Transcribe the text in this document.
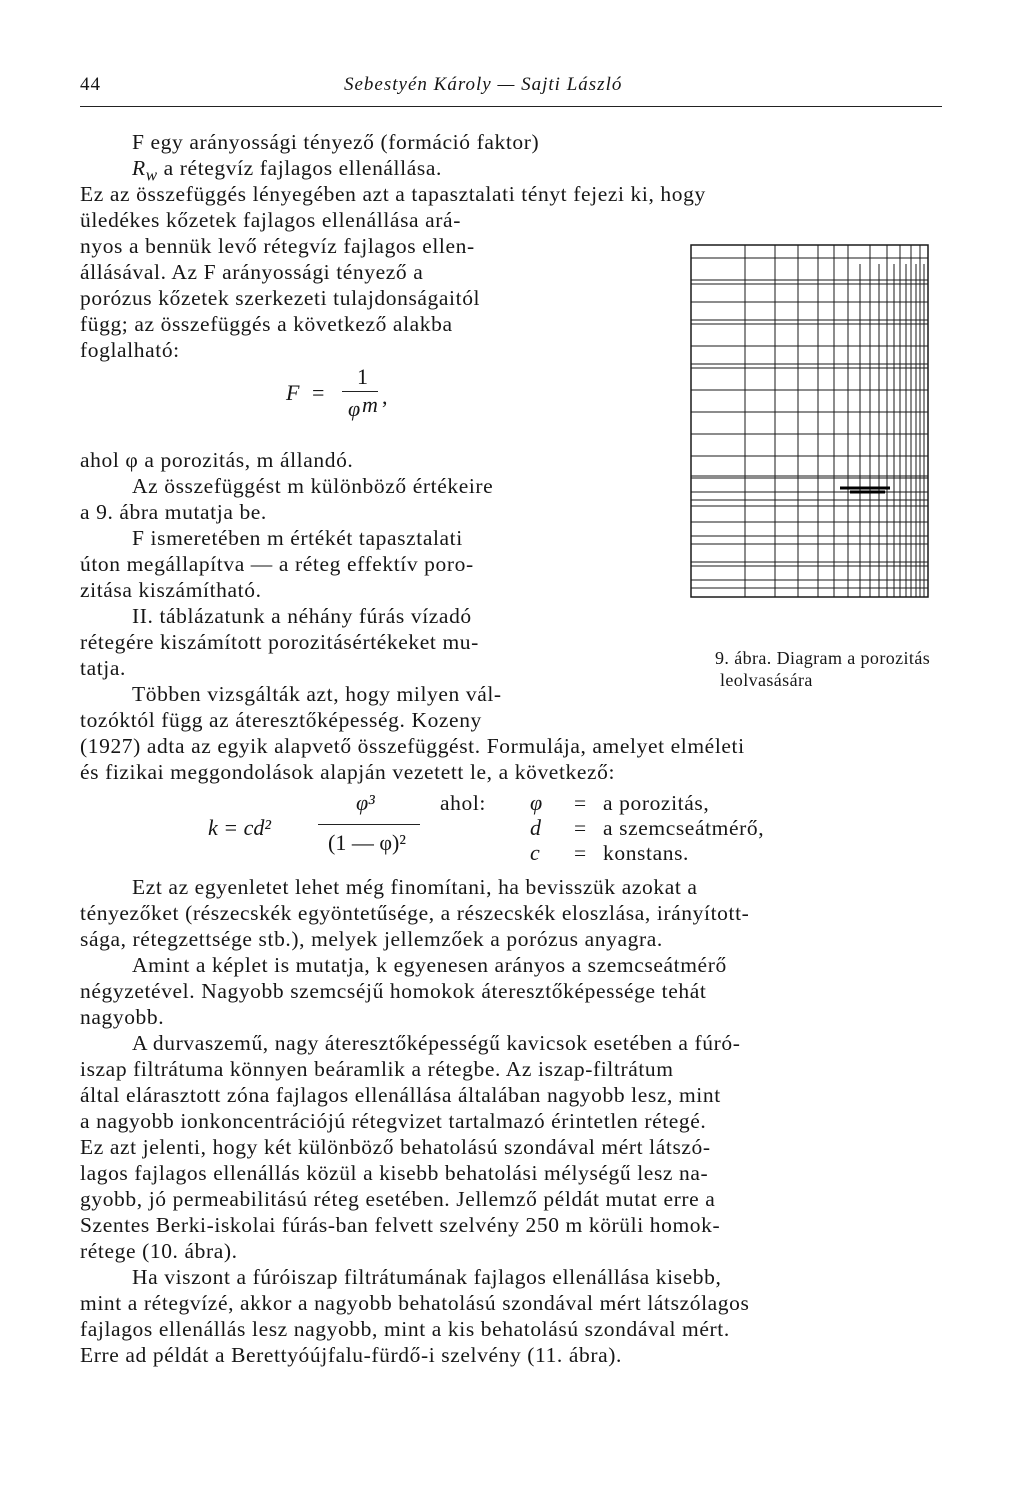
44	Sebestyén Károly — Sajti László
F egy arányossági tényező (formáció faktor)
$R_w$ a rétegvíz fajlagos ellenállása.
Ez az összefüggés lényegében azt a tapasztalati tényt fejezi ki, hogy
üledékes kőzetek fajlagos ellenállása ará-
nyos a bennük levő rétegvíz fajlagos ellen-
állásával. Az F arányossági tényező a
porózus kőzetek szerkezeti tulajdonságaitól
függ; az összefüggés a következő alakba
foglalható:
F =
1
φ m ,
ahol φ a porozitás, m állandó.
Az összefüggést m különböző értékeire
a 9. ábra mutatja be.
F ismeretében m értékét tapasztalati
úton megállapítva — a réteg effektív poro-
zitása kiszámítható.
II. táblázatunk a néhány fúrás vízadó
rétegére kiszámított porozitásértékeket mu-
tatja.
Többen vizsgálták azt, hogy milyen vál-
tozóktól függ az áteresztőképesség. Kozeny
(1927) adta az egyik alapvető összefüggést. Formulája, amelyet elméleti
és fizikai meggondolások alapján vezetett le, a következő:
9. ábra. Diagram a porozitás
leolvasására
k = cd²
φ³
(1 — φ)²
ahol: φ = a porozitás,
d = a szemcseátmérő,
c = konstans.
Ezt az egyenletet lehet még finomítani, ha bevisszük azokat a
tényezőket (részecskék egyöntetűsége, a részecskék eloszlása, irányított-
sága, rétegzettsége stb.), melyek jellemzőek a porózus anyagra.
Amint a képlet is mutatja, k egyenesen arányos a szemcseátmérő
négyzetével. Nagyobb szemcséjű homokok áteresztőképessége tehát
nagyobb.
A durvaszemű, nagy áteresztőképességű kavicsok esetében a fúró-
iszap filtrátuma könnyen beáramlik a rétegbe. Az iszap-filtrátum
által elárasztott zóna fajlagos ellenállása általában nagyobb lesz, mint
a nagyobb ionkoncentrációjú rétegvizet tartalmazó érintetlen rétegé.
Ez azt jelenti, hogy két különböző behatolású szondával mért látszó-
lagos fajlagos ellenállás közül a kisebb behatolási mélységű lesz na-
gyobb, jó permeabilitású réteg esetében. Jellemző példát mutat erre a
Szentes Berki-iskolai fúrás-ban felvett szelvény 250 m körüli homok-
rétege (10. ábra).
Ha viszont a fúróiszap filtrátumának fajlagos ellenállása kisebb,
mint a rétegvízé, akkor a nagyobb behatolású szondával mért látszólagos
fajlagos ellenállás lesz nagyobb, mint a kis behatolású szondával mért.
Erre ad példát a Berettyóújfalu-fürdő-i szelvény (11. ábra).
